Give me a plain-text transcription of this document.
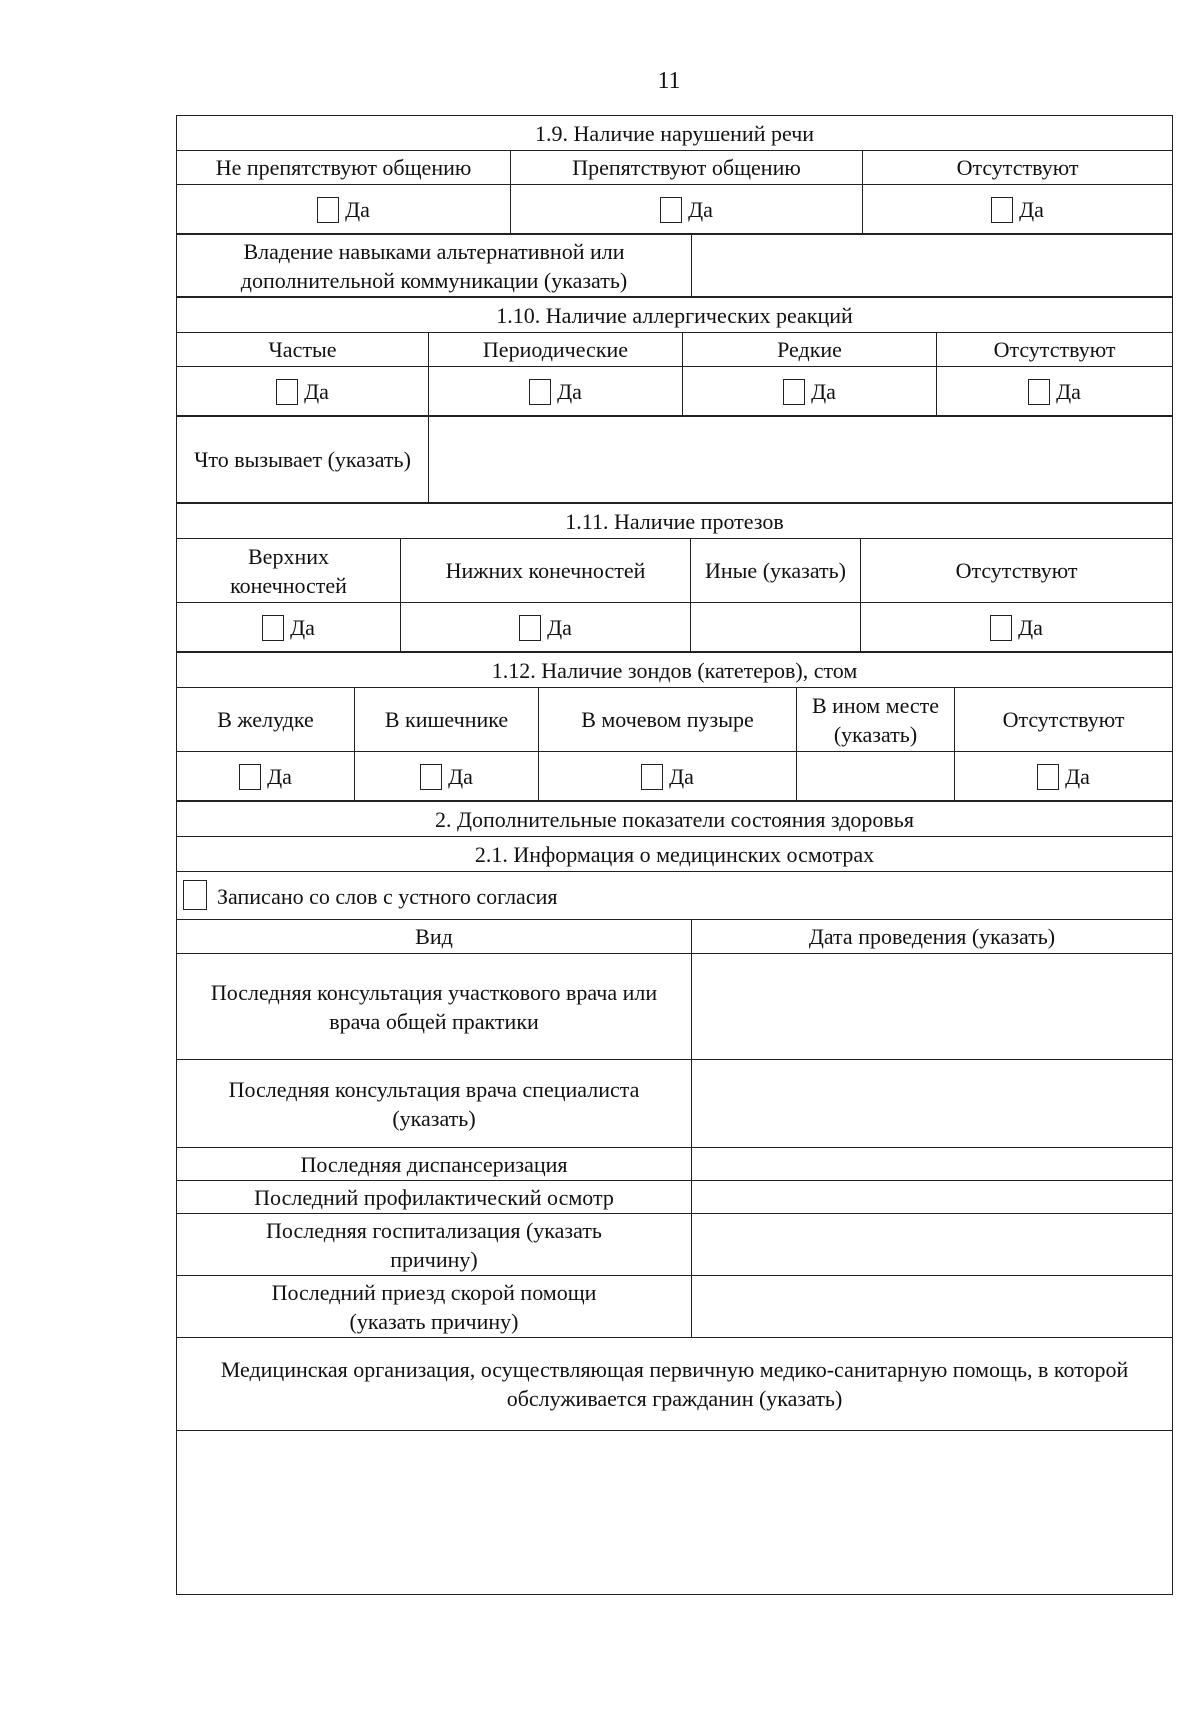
11
1.9. Наличие нарушений речи		
Не препятствуют общению	Препятствуют общению	Отсутствуют
Да	Да	Да
Владение навыками альтернативной или дополнительной коммуникации (указать)	
1.10. Наличие аллергических реакций			
Частые	Периодические	Редкие	Отсутствуют
Да	Да	Да	Да
Что вызывает (указать)	
1.11. Наличие протезов			
Верхних конечностей	Нижних конечностей	Иные (указать)	Отсутствуют
Да	Да		Да
1.12. Наличие зондов (катетеров), стом				
В желудке	В кишечнике	В мочевом пузыре	В ином месте (указать)	Отсутствуют
Да	Да	Да		Да
2. Дополнительные показатели состояния здоровья	
2.1. Информация о медицинских осмотрах	
Записано со слов с устного согласия	
Вид	Дата проведения (указать)
Последняя консультация участкового врача или врача общей практики	
Последняя консультация врача специалиста (указать)	
Последняя диспансеризация	
Последний профилактический осмотр	
Последняя госпитализация (указать причину)	
Последний приезд скорой помощи (указать причину)	
Медицинская организация, осуществляющая первичную медико-санитарную помощь, в которой обслуживается гражданин (указать)	
